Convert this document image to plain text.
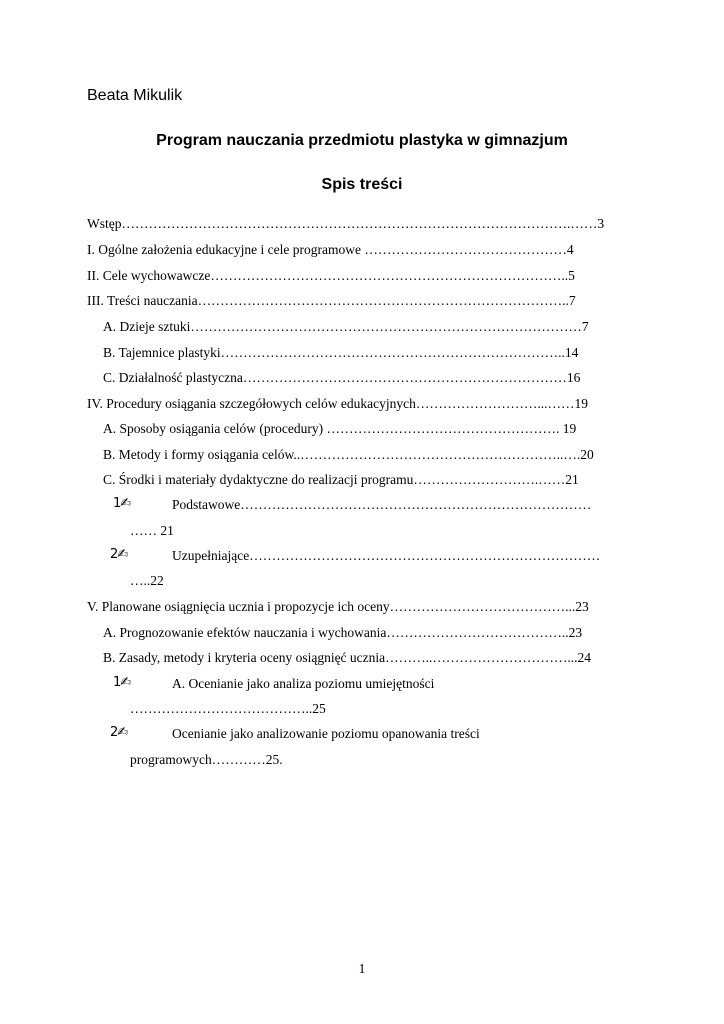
Beata Mikulik
Program nauczania przedmiotu plastyka w gimnazjum
Spis treści
Wstęp……………………………………………………………………………………….……3
I. Ogólne założenia edukacyjne i cele programowe ………………………………………4
II. Cele wychowawcze……………………………………………………………………..5
III. Treści nauczania………………………………………………………………………..7
A. Dzieje sztuki……………………………………………………………………………7
B. Tajemnice plastyki…………………………………………………………………..14
C. Działalność plastyczna………………………………………………………………16
IV. Procedury osiągania szczegółowych celów edukacyjnych………………………...……19
A. Sposoby osiągania celów (procedury) ……………………………………………. 19
B. Metody i formy osiągania celów..…………………………………………………..….20
C. Środki i materiały dydaktyczne do realizacji programu……………………….……21
1✍	Podstawowe……………………………………………………………………
…… 21
2✍	Uzupełniające……………………………………………………………………
…..22
V. Planowane osiągnięcia ucznia i propozycje ich oceny…………………………………...23
A. Prognozowanie efektów nauczania i wychowania…………………………………..23
B. Zasady, metody i kryteria oceny osiągnięć ucznia………..…………………………...24
1✍	A. Ocenianie jako analiza poziomu umiejętności
…………………………………..25
2✍	Ocenianie jako analizowanie poziomu opanowania treści
programowych…………25.
1
